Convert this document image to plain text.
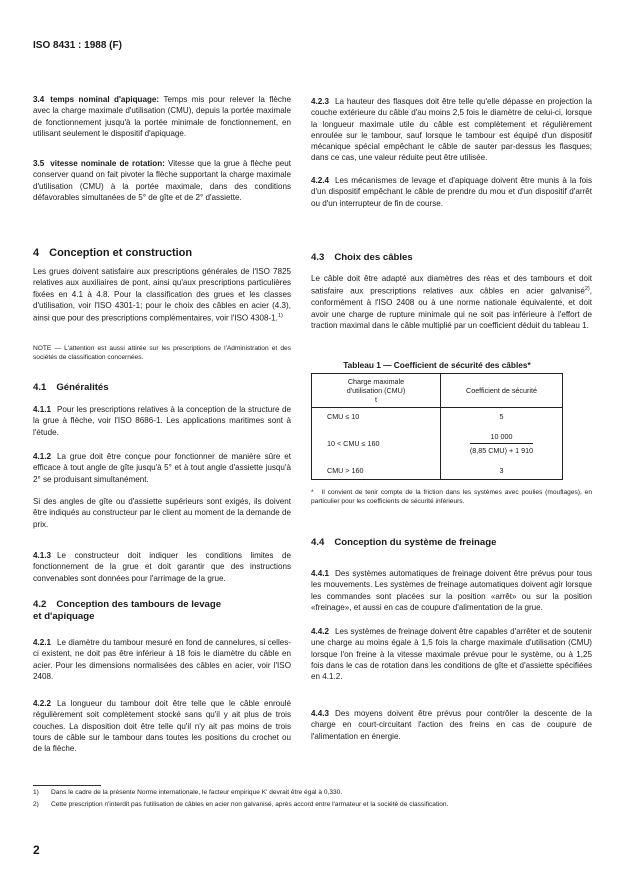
ISO 8431 : 1988 (F)
3.4 temps nominal d'apiquage: Temps mis pour relever la flèche avec la charge maximale d'utilisation (CMU), depuis la portée maximale de fonctionnement jusqu'à la portée minimale de fonctionnement, en utilisant seulement le dispositif d'apiquage.
3.5 vitesse nominale de rotation: Vitesse que la grue à flèche peut conserver quand on fait pivoter la flèche supportant la charge maximale d'utilisation (CMU) à la portée maximale, dans des conditions défavorables simultanées de 5° de gîte et de 2° d'assiette.
4 Conception et construction
Les grues doivent satisfaire aux prescriptions générales de l'ISO 7825 relatives aux auxiliaires de pont, ainsi qu'aux prescriptions particulières fixées en 4.1 à 4.8. Pour la classification des grues et les classes d'utilisation, voir l'ISO 4301-1; pour le choix des câbles en acier (4.3), ainsi que pour des prescriptions complémentaires, voir l'ISO 4308-1.$^{1)}$
NOTE — L'attention est aussi attirée sur les prescriptions de l'Administration et des sociétés de classification concernées.
4.1 Généralités
4.1.1 Pour les prescriptions relatives à la conception de la structure de la grue à flèche, voir l'ISO 8686-1. Les applications maritimes sont à l'étude.
4.1.2 La grue doit être conçue pour fonctionner de manière sûre et efficace à tout angle de gîte jusqu'à 5° et à tout angle d'assiette jusqu'à 2° se produisant simultanément.
Si des angles de gîte ou d'assiette supérieurs sont exigés, ils doivent être indiqués au constructeur par le client au moment de la demande de prix.
4.1.3 Le constructeur doit indiquer les conditions limites de fonctionnement de la grue et doit garantir que des instructions convenables sont données pour l'arrimage de la grue.
4.2 Conception des tambours de levage
et d'apiquage
4.2.1 Le diamètre du tambour mesuré en fond de cannelures, si celles-ci existent, ne doit pas être inférieur à 18 fois le diamètre du câble en acier. Pour les dimensions normalisées des câbles en acier, voir l'ISO 2408.
4.2.2 La longueur du tambour doit être telle que le câble enroulé régulièrement soit complètement stocké sans qu'il y ait plus de trois couches. La disposition doit être telle qu'il n'y ait pas moins de trois tours de câble sur le tambour dans toutes les positions du crochet ou de la flèche.
4.2.3 La hauteur des flasques doit être telle qu'elle dépasse en projection la couche extérieure du câble d'au moins 2,5 fois le diamètre de celui-ci, lorsque la longueur maximale utile du câble est complètement et régulièrement enroulée sur le tambour, sauf lorsque le tambour est équipé d'un dispositif mécanique spécial empêchant le câble de sauter par-dessus les flasques; dans ce cas, une valeur réduite peut être utilisée.
4.2.4 Les mécanismes de levage et d'apiquage doivent être munis à la fois d'un dispositif empêchant le câble de prendre du mou et d'un dispositif d'arrêt ou d'un interrupteur de fin de course.
4.3 Choix des câbles
Le câble doit être adapté aux diamètres des réas et des tambours et doit satisfaire aux prescriptions relatives aux câbles en acier galvanisé$^{2)}$, conformément à l'ISO 2408 ou à une norme nationale équivalente, et doit avoir une charge de rupture minimale qui ne soit pas inférieure à l'effort de traction maximal dans le câble multiplié par un coefficient déduit du tableau 1.
Tableau 1 — Coefficient de sécurité des câbles*
Charge maximale
d'utilisation (CMU)
t	Coefficient de sécurité
CMU ≤ 10	5
10 < CMU ≤ 160	10 000
(8,85 CMU) + 1 910

CMU > 160	3
* Il convient de tenir compte de la friction dans les systèmes avec poulies (mouflages), en particulier pour les coefficients de sécurité inférieurs.
4.4 Conception du système de freinage
4.4.1 Des systèmes automatiques de freinage doivent être prévus pour tous les mouvements. Les systèmes de freinage automatiques doivent agir lorsque les commandes sont placées sur la position «arrêt» ou sur la position «freinage», et aussi en cas de coupure d'alimentation de la grue.
4.4.2 Les systèmes de freinage doivent être capables d'arrêter et de soutenir une charge au moins égale à 1,5 fois la charge maximale d'utilisation (CMU) lorsque l'on freine à la vitesse maximale prévue pour le système, ou à 1,25 fois dans le cas de rotation dans les conditions de gîte et d'assiette spécifiées en 4.1.2.
4.4.3 Des moyens doivent être prévus pour contrôler la descente de la charge en court-circuitant l'action des freins en cas de coupure de l'alimentation en énergie.
1) Dans le cadre de la présente Norme internationale, le facteur empirique K' devrait être égal à 0,330.
2) Cette prescription n'interdit pas l'utilisation de câbles en acier non galvanisé, après accord entre l'armateur et la société de classification.
2
